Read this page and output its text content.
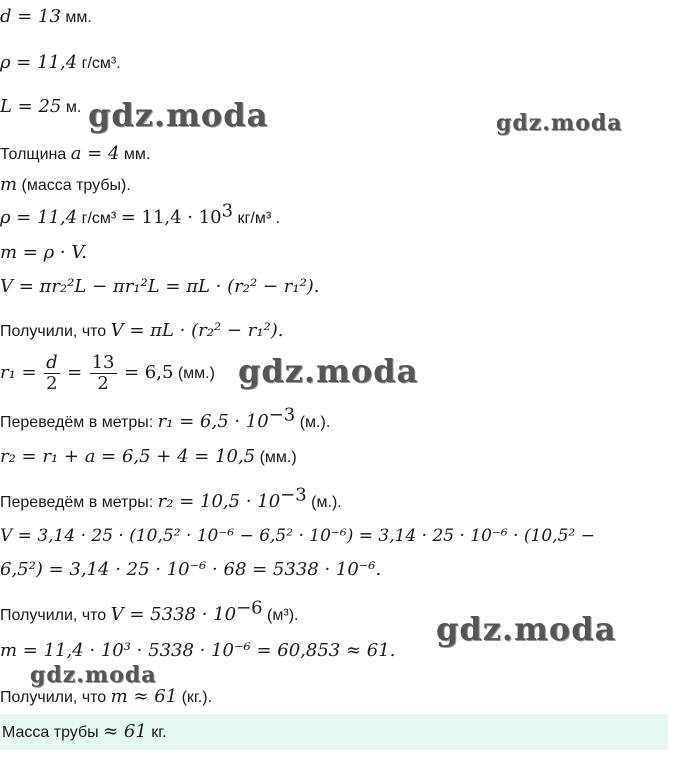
d = 13 мм.
ρ = 11,4 г/см³.
L = 25 м.
Толщина a = 4 мм.
m (масса трубы).
ρ = 11,4 $г/см^3 = 11,4 \cdot 10^3$ кг/м³ .
m = ρ · V.
V = πr₂²L − πr₁²L = πL · (r₂² − r₁²).
Получили, что V = πL · (r₂² − r₁²).
$r_1 = \frac{d}{2} = \frac{13}{2} = 6,5$ (мм.)
Переведём в метры: $r_1 = 6,5 \cdot 10^{-3}$ (м.).
r₂ = r₁ + a = 6,5 + 4 = 10,5 (мм.)
Переведём в метры: $r_2 = 10,5 \cdot 10^{-3}$ (м.).
V = 3,14 · 25 · (10,5² · 10⁻⁶ − 6,5² · 10⁻⁶) = 3,14 · 25 · 10⁻⁶ · (10,5² −
6,5²) = 3,14 · 25 · 10⁻⁶ · 68 = 5338 · 10⁻⁶.
Получили, что $V = 5338 \cdot 10^{-6}$ (м³).
m = 11,4 · 10³ · 5338 · 10⁻⁶ = 60,853 ≈ 61.
Получили, что m ≈ 61 (кг.).
Масса трубы ≈ 61 кг.
gdz.moda	gdz.moda
gdz.moda
gdz.moda
gdz.moda
